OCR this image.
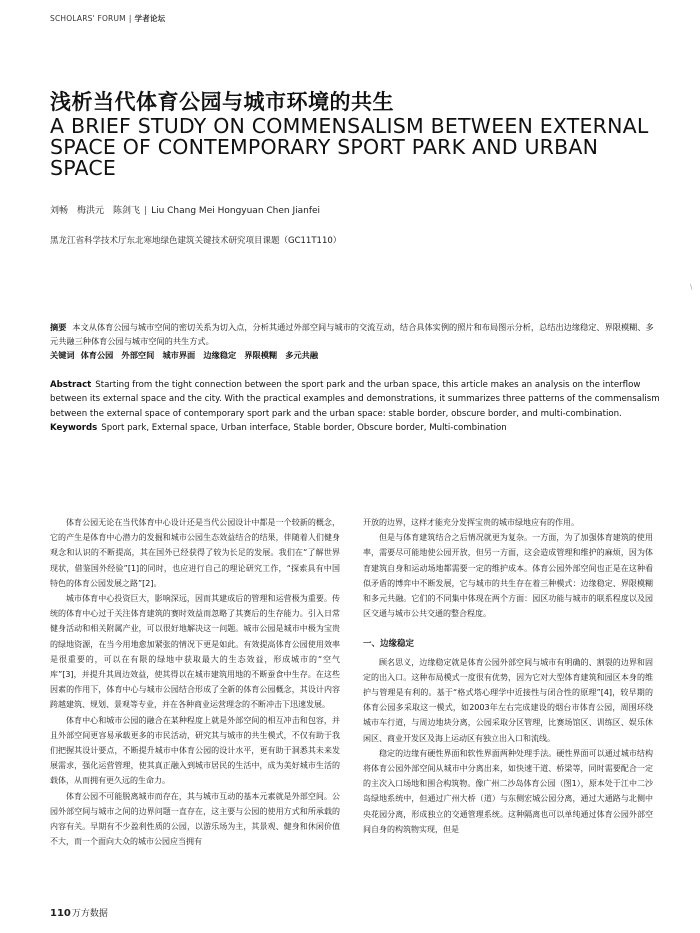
SCHOLARS' FORUM | 学者论坛
浅析当代体育公园与城市环境的共生
A BRIEF STUDY ON COMMENSALISM BETWEEN EXTERNAL SPACE OF CONTEMPORARY SPORT PARK AND URBAN SPACE
刘畅　梅洪元　陈剑飞 | Liu Chang Mei Hongyuan Chen Jianfei
黑龙江省科学技术厅东北寒地绿色建筑关键技术研究项目课题（GC11T110）
\
摘要 本文从体育公园与城市空间的密切关系为切入点，分析其通过外部空间与城市的交流互动，结合具体实例的照片和布局图示分析，总结出边缘稳定、界限模糊、多元共融三种体育公园与城市空间的共生方式。
关键词 体育公园　外部空间　城市界面　边缘稳定　界限模糊　多元共融
Abstract Starting from the tight connection between the sport park and the urban space, this article makes an analysis on the interflow between its external space and the city. With the practical examples and demonstrations, it summarizes three patterns of the commensalism between the external space of contemporary sport park and the urban space: stable border, obscure border, and multi-combination.
Keywords Sport park, External space, Urban interface, Stable border, Obscure border, Multi-combination

体育公园无论在当代体育中心设计还是当代公园设计中都是一个较新的概念，它的产生是体育中心潜力的发掘和城市公园生态效益结合的结果，伴随着人们健身观念和认识的不断提高，其在国外已经获得了较为长足的发展。我们在“了解世界现状，借鉴国外经验”[1]的同时，也应进行自己的理论研究工作，“探索具有中国特色的体育公园发展之路”[2]。

城市体育中心投资巨大，影响深远，因而其建成后的管理和运营极为重要。传统的体育中心过于关注体育建筑的赛时效益而忽略了其赛后的生存能力。引入日常健身活动和相关附属产业，可以很好地解决这一问题。城市公园是城市中极为宝贵的绿地资源，在当今用地愈加紧张的情况下更是如此。有效提高体育公园使用效率是很重要的，可以在有限的绿地中获取最大的生态效益，形成城市的“空气库”[3]，并提升其周边效益，使其得以在城市建筑用地的不断蚕食中生存。在这些因素的作用下，体育中心与城市公园结合形成了全新的体育公园概念，其设计内容跨越建筑、规划、景观等专业，并在各种商业运营理念的不断冲击下迅速发展。

体育中心和城市公园的融合在某种程度上就是外部空间的相互冲击和包容，并且外部空间更容易承载更多的市民活动，研究其与城市的共生模式，不仅有助于我们把握其设计要点，不断提升城市中体育公园的设计水平，更有助于洞悉其未来发展需求，强化运营管理，使其真正融入到城市居民的生活中，成为美好城市生活的载体，从而拥有更久远的生命力。

体育公园不可能脱离城市而存在，其与城市互动的基本元素就是外部空间。公园外部空间与城市之间的边界问题一直存在，这主要与公园的使用方式和所承载的内容有关。早期有不少盈利性质的公园，以游乐场为主，其景观、健身和休闲价值不大，而一个面向大众的城市公园应当拥有

开放的边界，这样才能充分发挥宝贵的城市绿地应有的作用。

但是与体育建筑结合之后情况就更为复杂。一方面，为了加强体育建筑的使用率，需要尽可能地使公园开放，但另一方面，这会造成管理和维护的麻烦，因为体育建筑自身和运动场地都需要一定的维护成本。体育公园外部空间也正是在这种看似矛盾的博弈中不断发展，它与城市的共生存在着三种模式：边缘稳定、界限模糊和多元共融。它们的不同集中体现在两个方面：园区功能与城市的联系程度以及园区交通与城市公共交通的整合程度。

一、边缘稳定

顾名思义，边缘稳定就是体育公园外部空间与城市有明确的、割裂的边界和固定的出入口。这种布局模式一度很有优势，因为它对大型体育建筑和园区本身的维护与管理是有利的。基于“格式塔心理学中近接性与闭合性的原理”[4]，较早期的体育公园多采取这一模式，如2003年左右完成建设的烟台市体育公园，周围环绕城市车行道，与周边地块分离，公园采取分区管理，比赛场馆区、训练区、娱乐休闲区、商业开发区及海上运动区有独立出入口和流线。

稳定的边缘有硬性界面和软性界面两种处理手法。硬性界面可以通过城市结构将体育公园外部空间从城市中分离出来，如快速干道、桥梁等，同时需要配合一定的主次入口场地和围合构筑物。像广州二沙岛体育公园（图1），原本处于江中二沙岛绿地系统中，但通过广州大桥（道）与东侧宏城公园分离，通过大通路与北侧中央花园分离，形成独立的交通管理系统。这种隔离也可以单纯通过体育公园外部空间自身的构筑物实现，但是

110万方数据
